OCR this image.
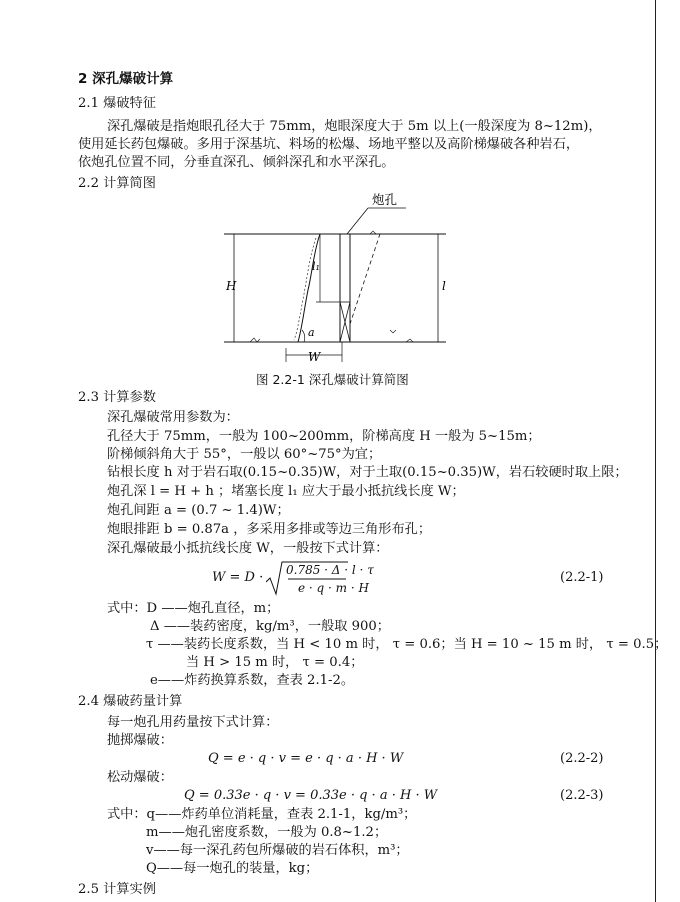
2 深孔爆破计算
2.1 爆破特征
深孔爆破是指炮眼孔径大于 75mm，炮眼深度大于 5m 以上(一般深度为 8~12m)，
使用延长药包爆破。多用于深基坑、料场的松爆、场地平整以及高阶梯爆破各种岩石，
依炮孔位置不同，分垂直深孔、倾斜深孔和水平深孔。
2.2 计算简图
炮孔
H	l
l₁
a
W
图 2.2-1 深孔爆破计算简图
2.3 计算参数
深孔爆破常用参数为：
孔径大于 75mm，一般为 100~200mm，阶梯高度 H 一般为 5~15m；
阶梯倾斜角大于 55°，一般以 60°~75°为宜；
钻根长度 h 对于岩石取(0.15~0.35)W，对于土取(0.15~0.35)W，岩石较硬时取上限；
炮孔深 l = H + h ；堵塞长度 l₁ 应大于最小抵抗线长度 W；
炮孔间距 a = (0.7 ~ 1.4)W；
炮眼排距 b = 0.87a ，多采用多排或等边三角形布孔；
深孔爆破最小抵抗线长度 W，一般按下式计算：
W = D · 0.785 · Δ · l · τ
e · q · m · H
(2.2-1)
式中：D ——炮孔直径，m；
Δ ——装药密度，kg/m³，一般取 900；
τ ——装药长度系数，当 H < 10 m 时， τ = 0.6；当 H = 10 ~ 15 m 时， τ = 0.5；
当 H > 15 m 时， τ = 0.4；
e——炸药换算系数，查表 2.1-2。
2.4 爆破药量计算
每一炮孔用药量按下式计算：
抛掷爆破：
Q = e · q · v = e · q · a · H · W	(2.2-2)
松动爆破：
Q = 0.33e · q · v = 0.33e · q · a · H · W	(2.2-3)
式中：q——炸药单位消耗量，查表 2.1-1，kg/m³；
m——炮孔密度系数，一般为 0.8~1.2；
v——每一深孔药包所爆破的岩石体积，m³；
Q——每一炮孔的装量，kg；
2.5 计算实例
